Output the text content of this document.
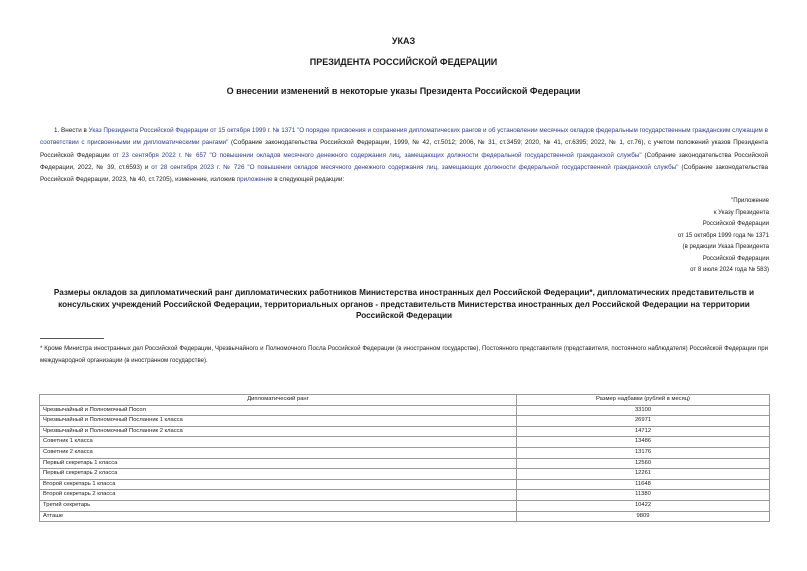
УКАЗ
ПРЕЗИДЕНТА РОССИЙСКОЙ ФЕДЕРАЦИИ
О внесении изменений в некоторые указы Президента Российской Федерации
1. Внести в Указ Президента Российской Федерации от 15 октября 1999 г. № 1371 "О порядке присвоения и сохранения дипломатических рангов и об установлении месячных окладов федеральным государственным гражданским служащим в соответствии с присвоенными им дипломатическими рангами" (Собрание законодательства Российской Федерации, 1999, № 42, ст.5012; 2006, № 31, ст.3459; 2020, № 41, ст.6395; 2022, № 1, ст.76), с учетом положений указов Президента Российской Федерации от 23 сентября 2022 г. № 657 "О повышении окладов месячного денежного содержания лиц, замещающих должности федеральной государственной гражданской службы" (Собрание законодательства Российской Федерации, 2022, № 39, ст.6593) и от 28 сентября 2023 г. № 726 "О повышении окладов месячного денежного содержания лиц, замещающих должности федеральной государственной гражданской службы" (Собрание законодательства Российской Федерации, 2023, № 40, ст.7205), изменение, изложив приложение в следующей редакции:
"Приложение
к Указу Президента
Российской Федерации
от 15 октября 1999 года № 1371
(в редакции Указа Президента
Российской Федерации
от 8 июля 2024 года № 583)
Размеры окладов за дипломатический ранг дипломатических работников Министерства иностранных дел Российской Федерации*, дипломатических представительств и консульских учреждений Российской Федерации, территориальных органов - представительств Министерства иностранных дел Российской Федерации на территории Российской Федерации
* Кроме Министра иностранных дел Российской Федерации, Чрезвычайного и Полномочного Посла Российской Федерации (в иностранном государстве), Постоянного представителя (представителя, постоянного наблюдателя) Российской Федерации при международной организации (в иностранном государстве).
Дипломатический ранг	Размер надбавки (рублей в месяц)
Чрезвычайный и Полномочный Посол	33100
Чрезвычайный и Полномочный Посланник 1 класса	26971
Чрезвычайный и Полномочный Посланник 2 класса	14712
Советник 1 класса	13486
Советник 2 класса	13176
Первый секретарь 1 класса	12560
Первый секретарь 2 класса	12261
Второй секретарь 1 класса	11648
Второй секретарь 2 класса	11380
Третий секретарь	10422
Атташе	9809
